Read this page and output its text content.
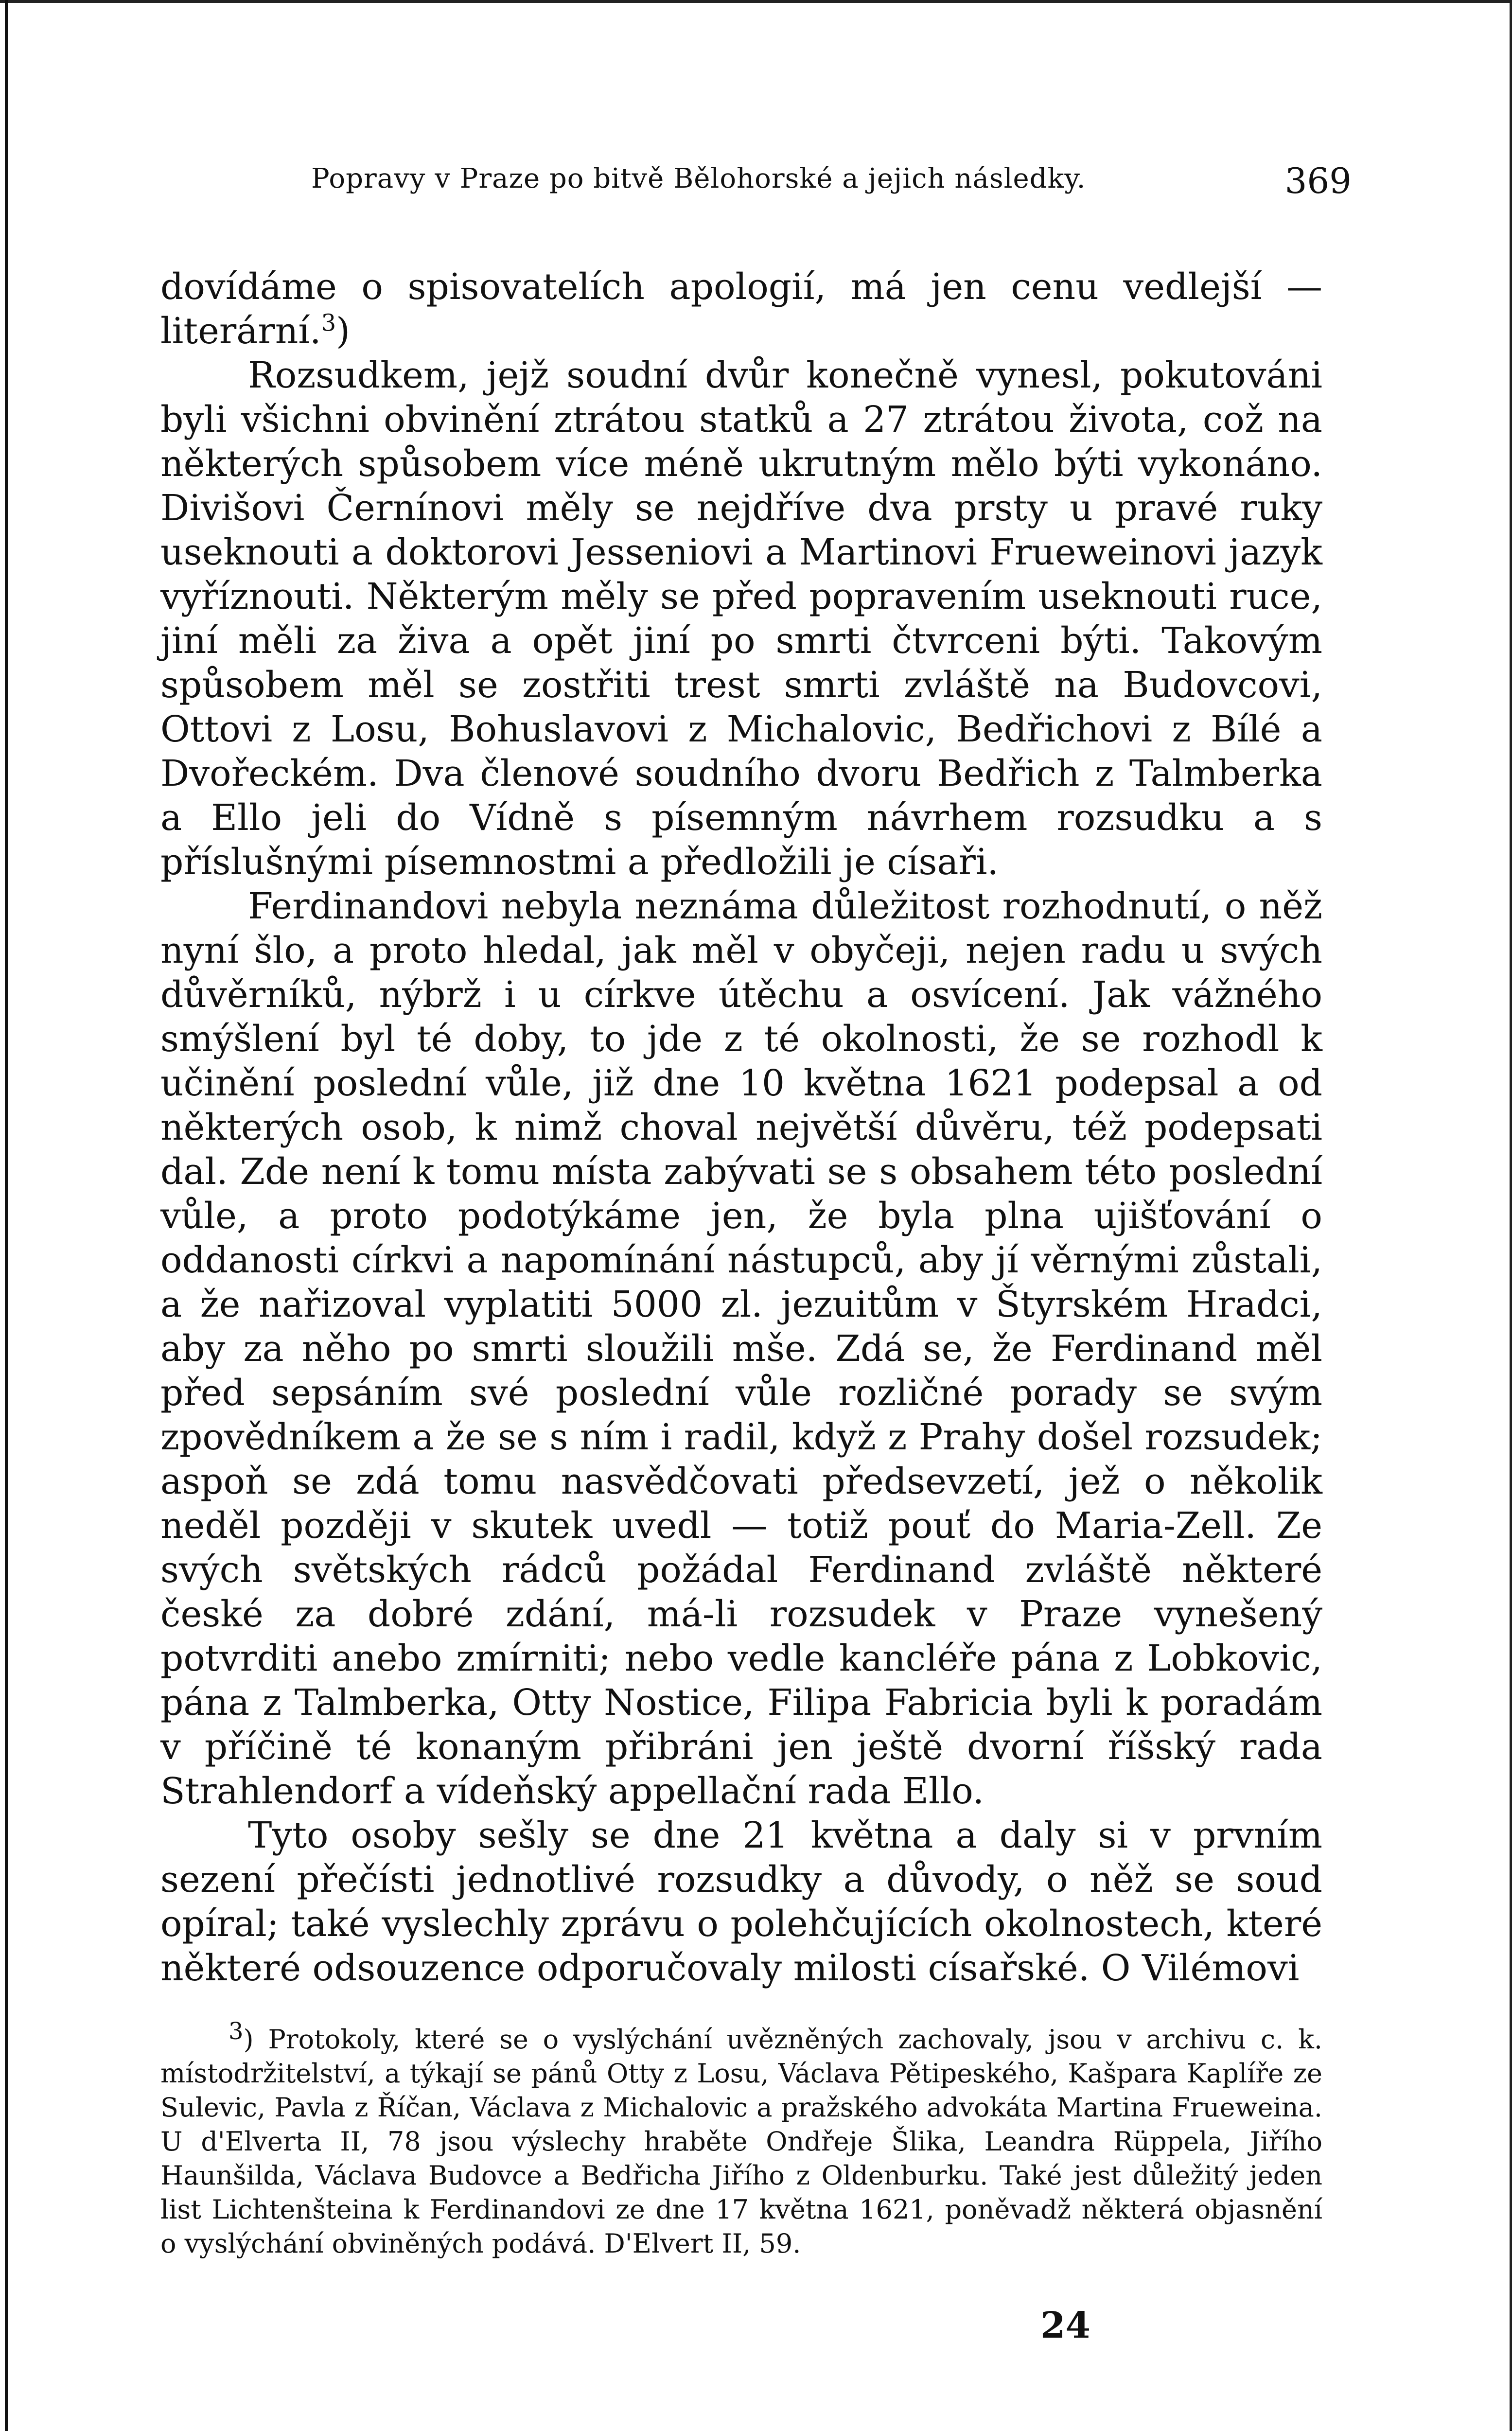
Popravy v Praze po bitvě Bělohorské a jejich následky.	369

dovídáme o spisovatelích apologií, má jen cenu vedlejší — literární.$^3$)

Rozsudkem, jejž soudní dvůr konečně vynesl, pokutováni byli všichni obvinění ztrátou statků a 27 ztrátou života, což na některých spůsobem více méně ukrutným mělo býti vykonáno. Divišovi Černínovi měly se nejdříve dva prsty u pravé ruky useknouti a doktorovi Jesseniovi a Martinovi Frueweinovi jazyk vyříznouti. Některým měly se před popravením useknouti ruce, jiní měli za živa a opět jiní po smrti čtvrceni býti. Takovým spůsobem měl se zostřiti trest smrti zvláště na Budovcovi, Ottovi z Losu, Bohuslavovi z Michalovic, Bedřichovi z Bílé a Dvořeckém. Dva členové soudního dvoru Bedřich z Talmberka a Ello jeli do Vídně s písemným návrhem rozsudku a s příslušnými písemnostmi a předložili je císaři.

Ferdinandovi nebyla neznáma důležitost rozhodnutí, o něž nyní šlo, a proto hledal, jak měl v obyčeji, nejen radu u svých důvěrníků, nýbrž i u církve útěchu a osvícení. Jak vážného smýšlení byl té doby, to jde z té okolnosti, že se rozhodl k učinění poslední vůle, již dne 10 května 1621 podepsal a od některých osob, k nimž choval největší důvěru, též podepsati dal. Zde není k tomu místa zabývati se s obsahem této poslední vůle, a proto podotýkáme jen, že byla plna ujišťování o oddanosti církvi a napomínání nástupců, aby jí věrnými zůstali, a že nařizoval vyplatiti 5000 zl. jezuitům v Štyrském Hradci, aby za něho po smrti sloužili mše. Zdá se, že Ferdinand měl před sepsáním své poslední vůle rozličné porady se svým zpovědníkem a že se s ním i radil, když z Prahy došel rozsudek; aspoň se zdá tomu nasvědčovati předsevzetí, jež o několik neděl později v skutek uvedl — totiž pouť do Maria-Zell. Ze svých světských rádců požádal Ferdinand zvláště některé české za dobré zdání, má-li rozsudek v Praze vynešený potvrditi anebo zmírniti; nebo vedle kancléře pána z Lobkovic, pána z Talmberka, Otty Nostice, Filipa Fabricia byli k poradám v příčině té konaným přibráni jen ještě dvorní říšský rada Strahlendorf a vídeňský appellační rada Ello.

Tyto osoby sešly se dne 21 května a daly si v prvním sezení přečísti jednotlivé rozsudky a důvody, o něž se soud opíral; také vyslechly zprávu o polehčujících okolnostech, které některé odsouzence odporučovaly milosti císařské. O Vilémovi

$^3$) Protokoly, které se o vyslýchání uvězněných zachovaly, jsou v archivu c. k. místodržitelství, a týkají se pánů Otty z Losu, Václava Pětipeského, Kašpara Kaplíře ze Sulevic, Pavla z Říčan, Václava z Michalovic a pražského advokáta Martina Frueweina. U d'Elverta II, 78 jsou výslechy hraběte Ondřeje Šlika, Leandra Rüppela, Jiřího Haunšilda, Václava Budovce a Bedřicha Jiřího z Oldenburku. Také jest důležitý jeden list Lichtenšteina k Ferdinandovi ze dne 17 května 1621, poněvadž některá objasnění o vyslýchání obviněných podává. D'Elvert II, 59.

24
